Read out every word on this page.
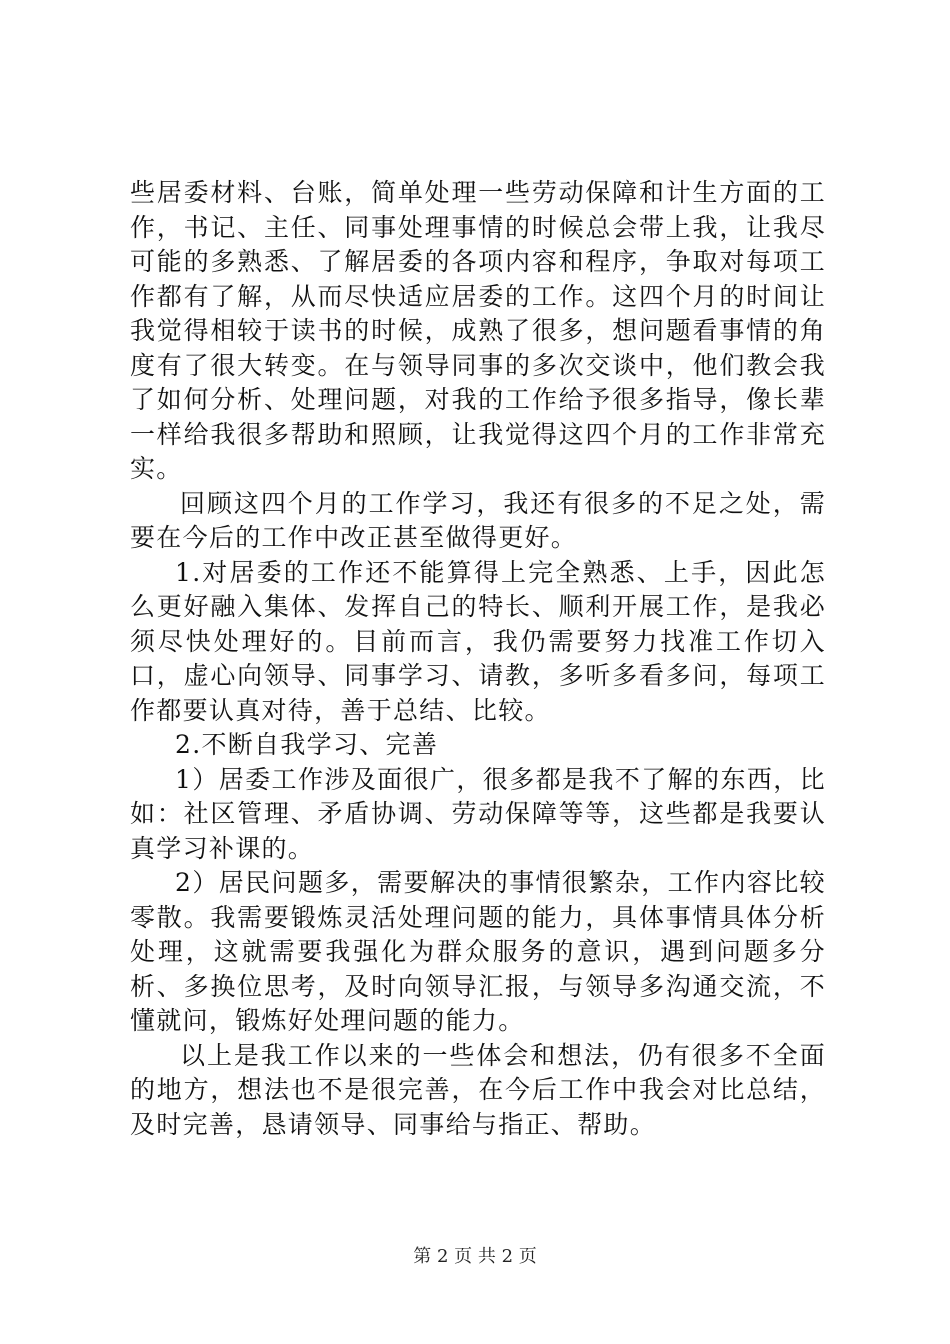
些居委材料、台账，简单处理一些劳动保障和计生方面的工作，书记、主任、同事处理事情的时候总会带上我，让我尽可能的多熟悉、了解居委的各项内容和程序，争取对每项工作都有了解，从而尽快适应居委的工作。这四个月的时间让我觉得相较于读书的时候，成熟了很多，想问题看事情的角度有了很大转变。在与领导同事的多次交谈中，他们教会我了如何分析、处理问题，对我的工作给予很多指导，像长辈一样给我很多帮助和照顾，让我觉得这四个月的工作非常充实。

回顾这四个月的工作学习，我还有很多的不足之处，需要在今后的工作中改正甚至做得更好。

1.对居委的工作还不能算得上完全熟悉、上手，因此怎么更好融入集体、发挥自己的特长、顺利开展工作，是我必须尽快处理好的。目前而言，我仍需要努力找准工作切入口，虚心向领导、同事学习、请教，多听多看多问，每项工作都要认真对待，善于总结、比较。

2.不断自我学习、完善

1）居委工作涉及面很广，很多都是我不了解的东西，比如：社区管理、矛盾协调、劳动保障等等，这些都是我要认真学习补课的。

2）居民问题多，需要解决的事情很繁杂，工作内容比较零散。我需要锻炼灵活处理问题的能力，具体事情具体分析处理，这就需要我强化为群众服务的意识，遇到问题多分析、多换位思考，及时向领导汇报，与领导多沟通交流，不懂就问，锻炼好处理问题的能力。

以上是我工作以来的一些体会和想法，仍有很多不全面的地方，想法也不是很完善，在今后工作中我会对比总结，及时完善，恳请领导、同事给与指正、帮助。

第 2 页 共 2 页
